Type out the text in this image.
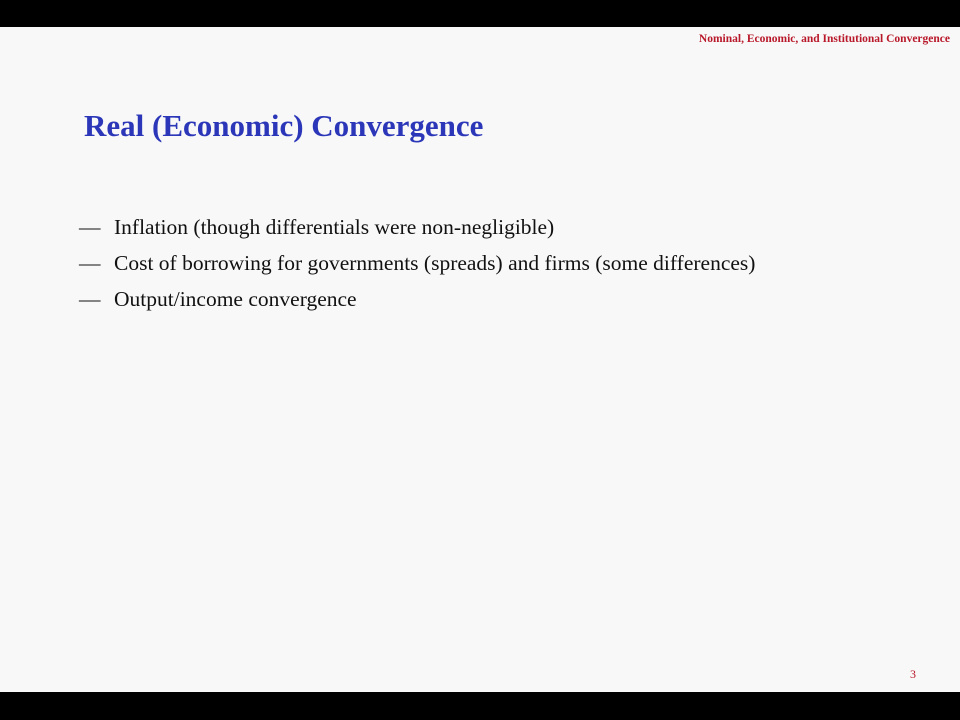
Nominal, Economic, and Institutional Convergence
Real (Economic) Convergence
— Inflation (though differentials were non-negligible)
— Cost of borrowing for governments (spreads) and firms (some differences)
— Output/income convergence
3
